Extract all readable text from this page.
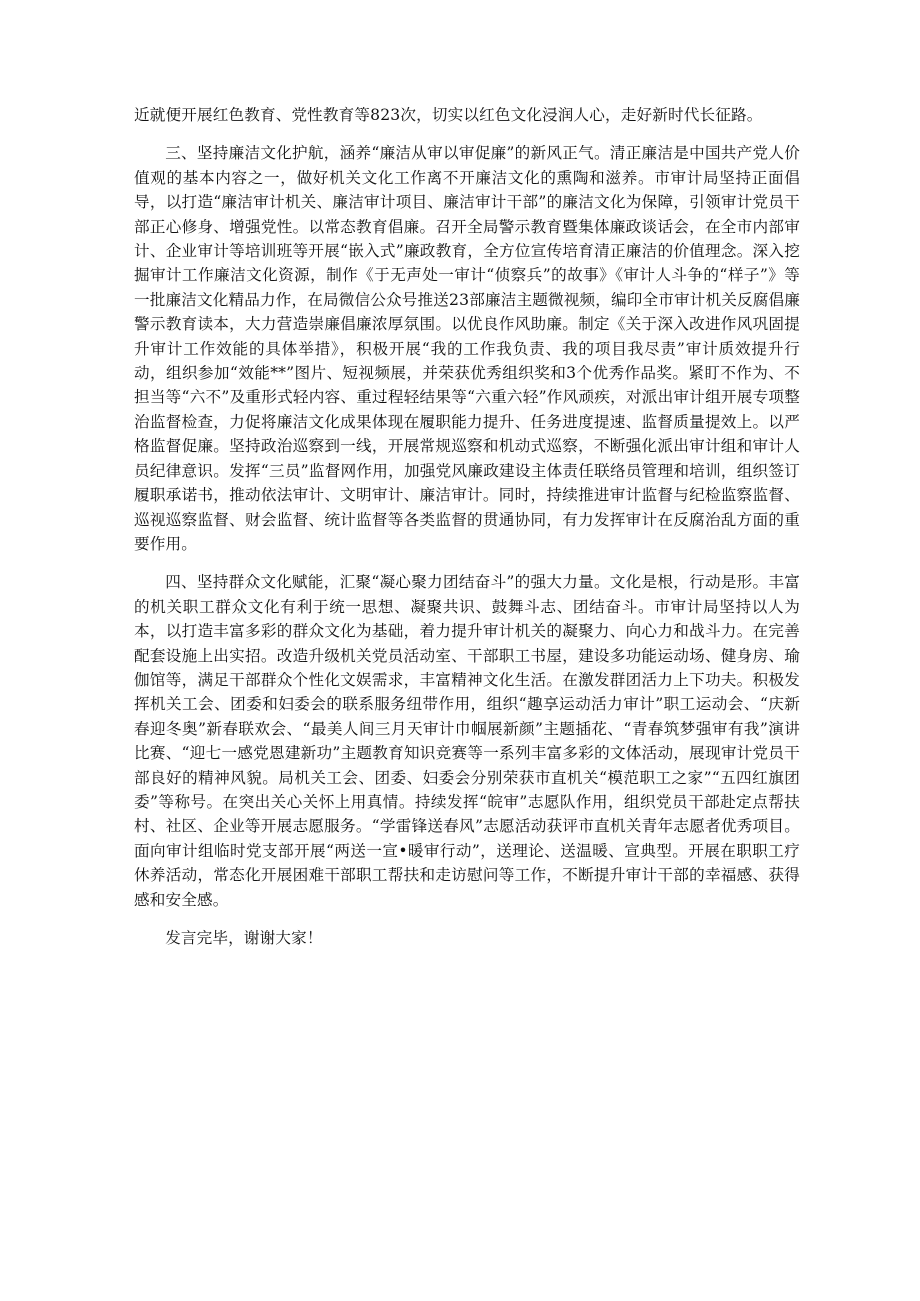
近就便开展红色教育、党性教育等823次，切实以红色文化浸润人心，走好新时代长征路。

三、坚持廉洁文化护航，涵养“廉洁从审以审促廉”的新风正气。清正廉洁是中国共产党人价值观的基本内容之一，做好机关文化工作离不开廉洁文化的熏陶和滋养。市审计局坚持正面倡导，以打造“廉洁审计机关、廉洁审计项目、廉洁审计干部”的廉洁文化为保障，引领审计党员干部正心修身、增强党性。以常态教育倡廉。召开全局警示教育暨集体廉政谈话会，在全市内部审计、企业审计等培训班等开展“嵌入式”廉政教育，全方位宣传培育清正廉洁的价值理念。深入挖掘审计工作廉洁文化资源，制作《于无声处一审计“侦察兵”的故事》《审计人斗争的“样子”》等一批廉洁文化精品力作，在局微信公众号推送23部廉洁主题微视频，编印全市审计机关反腐倡廉警示教育读本，大力营造崇廉倡廉浓厚氛围。以优良作风助廉。制定《关于深入改进作风巩固提升审计工作效能的具体举措》，积极开展“我的工作我负责、我的项目我尽责”审计质效提升行动，组织参加“效能**”图片、短视频展，并荣获优秀组织奖和3个优秀作品奖。紧盯不作为、不担当等“六不”及重形式轻内容、重过程轻结果等“六重六轻”作风顽疾，对派出审计组开展专项整治监督检查，力促将廉洁文化成果体现在履职能力提升、任务进度提速、监督质量提效上。以严格监督促廉。坚持政治巡察到一线，开展常规巡察和机动式巡察，不断强化派出审计组和审计人员纪律意识。发挥“三员”监督网作用，加强党风廉政建设主体责任联络员管理和培训，组织签订履职承诺书，推动依法审计、文明审计、廉洁审计。同时，持续推进审计监督与纪检监察监督、巡视巡察监督、财会监督、统计监督等各类监督的贯通协同，有力发挥审计在反腐治乱方面的重要作用。

四、坚持群众文化赋能，汇聚“凝心聚力团结奋斗”的强大力量。文化是根，行动是形。丰富的机关职工群众文化有利于统一思想、凝聚共识、鼓舞斗志、团结奋斗。市审计局坚持以人为本，以打造丰富多彩的群众文化为基础，着力提升审计机关的凝聚力、向心力和战斗力。在完善配套设施上出实招。改造升级机关党员活动室、干部职工书屋，建设多功能运动场、健身房、瑜伽馆等，满足干部群众个性化文娱需求，丰富精神文化生活。在激发群团活力上下功夫。积极发挥机关工会、团委和妇委会的联系服务纽带作用，组织“趣享运动活力审计”职工运动会、“庆新春迎冬奥”新春联欢会、“最美人间三月天审计巾帼展新颜”主题插花、“青春筑梦强审有我”演讲比赛、“迎七一感党恩建新功”主题教育知识竞赛等一系列丰富多彩的文体活动，展现审计党员干部良好的精神风貌。局机关工会、团委、妇委会分别荣获市直机关“模范职工之家”“五四红旗团委”等称号。在突出关心关怀上用真情。持续发挥“皖审”志愿队作用，组织党员干部赴定点帮扶村、社区、企业等开展志愿服务。“学雷锋送春风”志愿活动获评市直机关青年志愿者优秀项目。面向审计组临时党支部开展“两送一宣•暖审行动”，送理论、送温暖、宣典型。开展在职职工疗休养活动，常态化开展困难干部职工帮扶和走访慰问等工作，不断提升审计干部的幸福感、获得感和安全感。

发言完毕，谢谢大家！
